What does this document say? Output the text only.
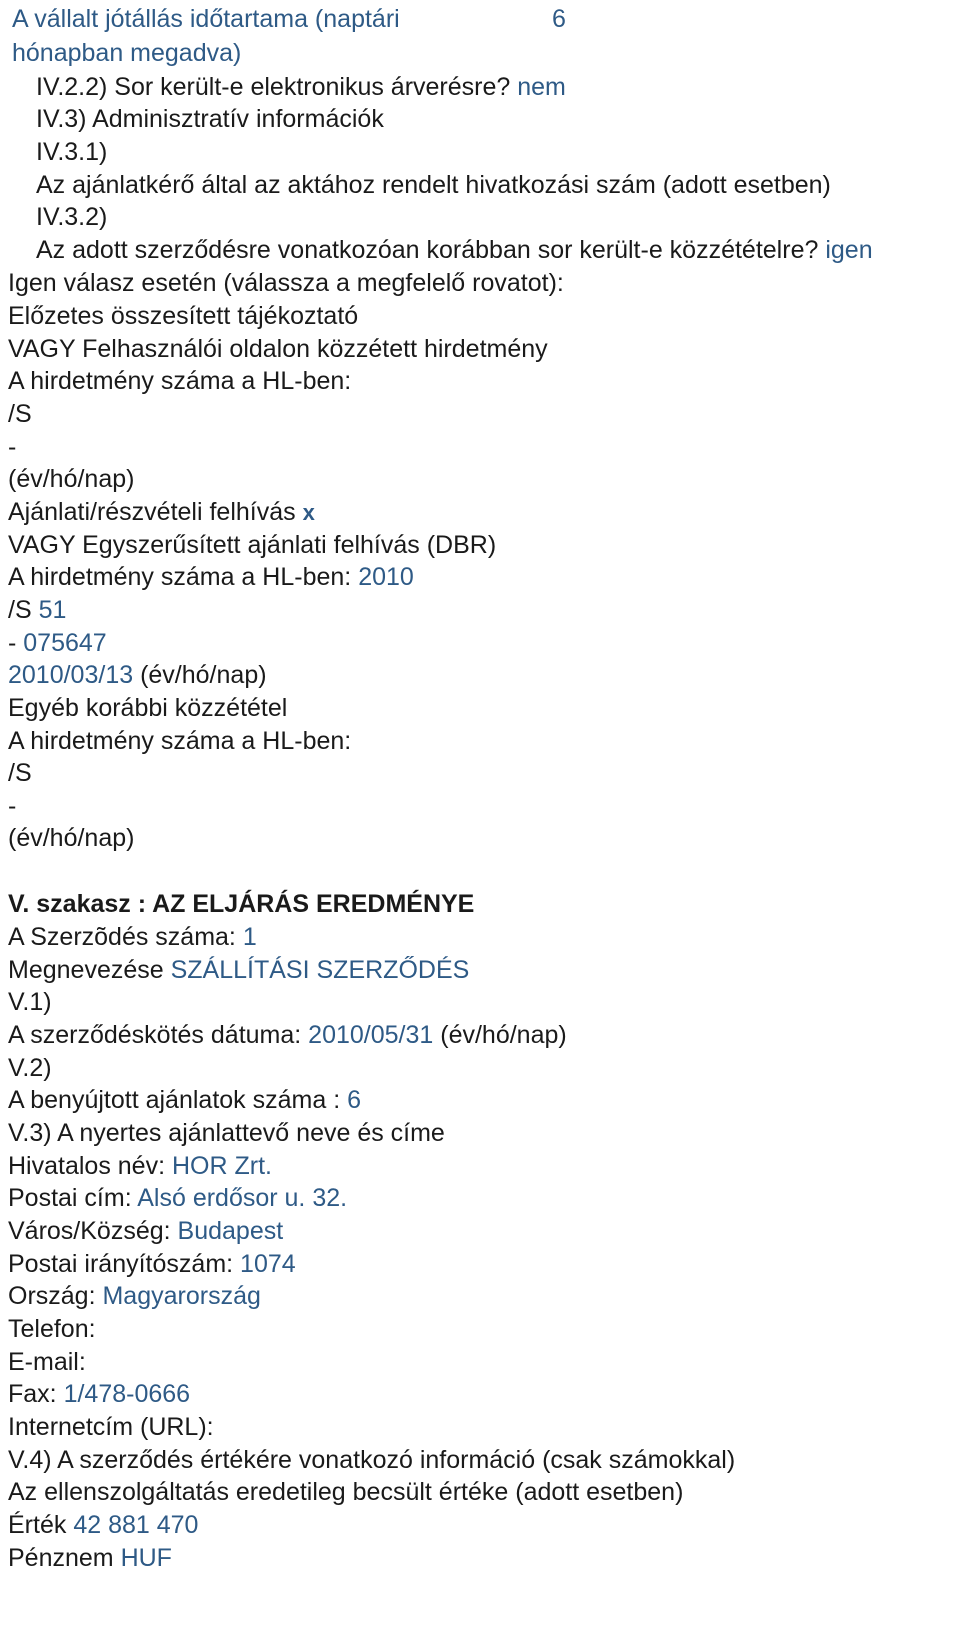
A vállalt jótállás időtartama (naptári
hónapban megadva)
6
IV.2.2) Sor került-e elektronikus árverésre? nem
IV.3) Adminisztratív információk
IV.3.1)
Az ajánlatkérő által az aktához rendelt hivatkozási szám (adott esetben)
IV.3.2)
Az adott szerződésre vonatkozóan korábban sor került-e közzétételre? igen
Igen válasz esetén (válassza a megfelelő rovatot):
Előzetes összesített tájékoztató
VAGY Felhasználói oldalon közzétett hirdetmény
A hirdetmény száma a HL-ben:
/S
-
(év/hó/nap)
Ajánlati/részvételi felhívás x
VAGY Egyszerűsített ajánlati felhívás (DBR)
A hirdetmény száma a HL-ben: 2010
/S 51
- 075647
2010/03/13 (év/hó/nap)
Egyéb korábbi közzététel
A hirdetmény száma a HL-ben:
/S
-
(év/hó/nap)
V. szakasz : AZ ELJÁRÁS EREDMÉNYE
A Szerzõdés száma: 1
Megnevezése SZÁLLÍTÁSI SZERZŐDÉS
V.1)
A szerződéskötés dátuma: 2010/05/31 (év/hó/nap)
V.2)
A benyújtott ajánlatok száma : 6
V.3) A nyertes ajánlattevő neve és címe
Hivatalos név: HOR Zrt.
Postai cím: Alsó erdősor u. 32.
Város/Község: Budapest
Postai irányítószám: 1074
Ország: Magyarország
Telefon:
E-mail:
Fax: 1/478-0666
Internetcím (URL):
V.4) A szerződés értékére vonatkozó információ (csak számokkal)
Az ellenszolgáltatás eredetileg becsült értéke (adott esetben)
Érték 42 881 470
Pénznem HUF
